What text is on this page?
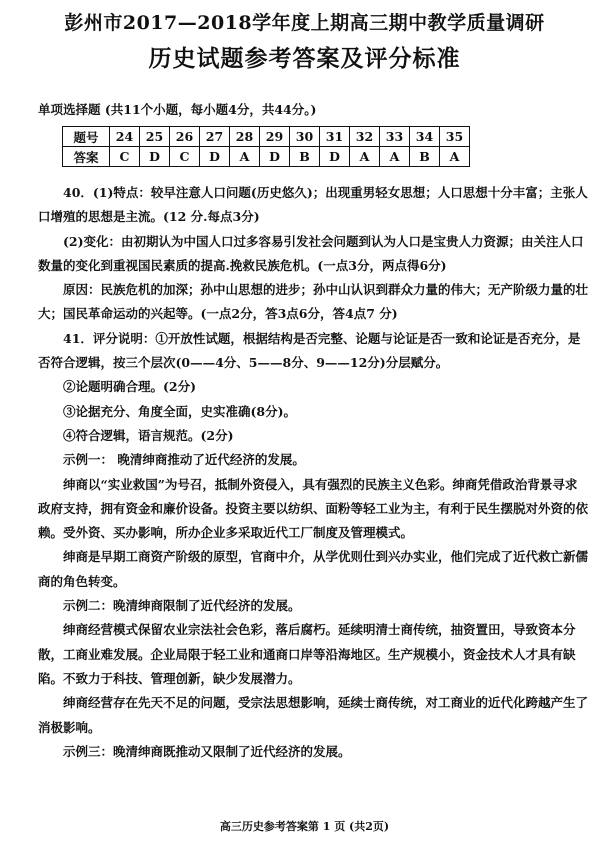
彭州市2017—2018学年度上期高三期中教学质量调研
历史试题参考答案及评分标准
单项选择题 (共11个小题，每小题4分，共44分。)
题号	24	25	26	27	28	29	30	31	32	33	34	35
答案	C	D	C	D	A	D	B	D	A	A	B	A

40．(1)特点：较早注意人口问题(历史悠久)；出现重男轻女思想；人口思想十分丰富；主张人口增殖的思想是主流。(12 分.每点3分)

(2)变化：由初期认为中国人口过多容易引发社会问题到认为人口是宝贵人力资源；由关注人口数量的变化到重视国民素质的提高.挽救民族危机。(一点3分，两点得6分)

原因：民族危机的加深；孙中山思想的进步；孙中山认识到群众力量的伟大；无产阶级力量的壮大；国民革命运动的兴起等。(一点2分，答3点6分，答4点7 分)

41．评分说明：①开放性试题，根据结构是否完整、论题与论证是否一致和论证是否充分，是否符合逻辑，按三个层次(0——4分、5——8分、9——12分)分层赋分。

②论题明确合理。(2分)

③论据充分、角度全面，史实准确(8分)。

④符合逻辑，语言规范。(2分)

示例一： 晚清绅商推动了近代经济的发展。

绅商以“实业救国”为号召，抵制外资侵入，具有强烈的民族主义色彩。绅商凭借政治背景寻求政府支持，拥有资金和廉价设备。投资主要以纺织、面粉等轻工业为主，有利于民生摆脱对外资的依赖。受外资、买办影响，所办企业多采取近代工厂制度及管理模式。

绅商是早期工商资产阶级的原型，官商中介，从学优则仕到兴办实业，他们完成了近代救亡新儒商的角色转变。

示例二：晚清绅商限制了近代经济的发展。

绅商经营模式保留农业宗法社会色彩，落后腐朽。延续明清士商传统，抽资置田，导致资本分散，工商业难发展。企业局限于轻工业和通商口岸等沿海地区。生产规模小，资金技术人才具有缺陷。不致力于科技、管理创新，缺少发展潜力。

绅商经营存在先天不足的问题，受宗法思想影响，延续士商传统，对工商业的近代化跨越产生了消极影响。

示例三：晚清绅商既推动又限制了近代经济的发展。

高三历史参考答案第 1 页 (共2页)
